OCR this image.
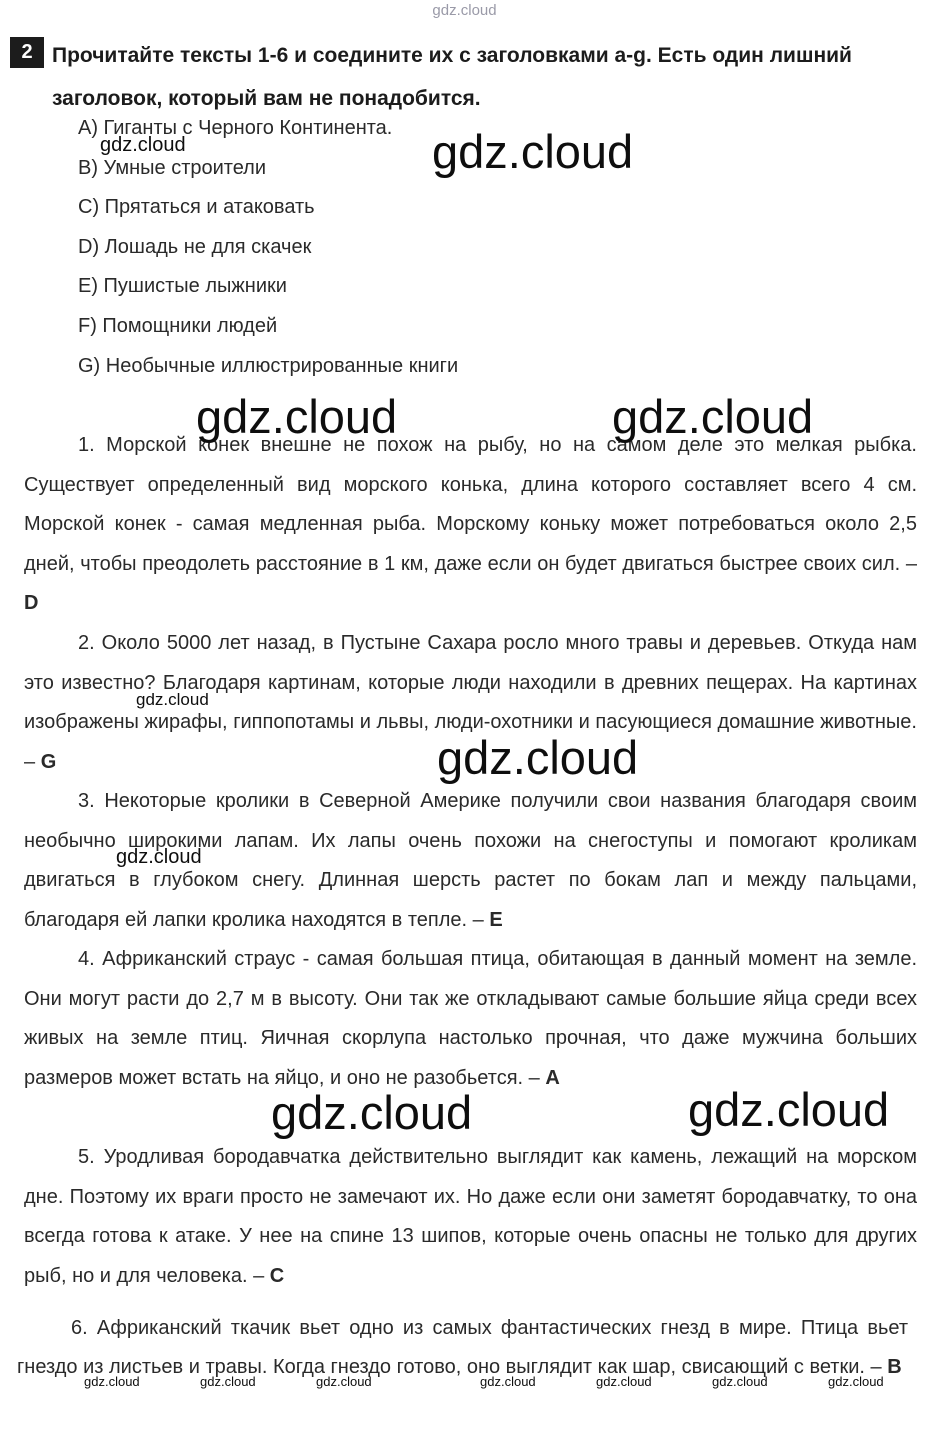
gdz.cloud
2 Прочитайте тексты 1-6 и соедините их с заголовками a-g. Есть один лишний заголовок, который вам не понадобится.
A) Гиганты с Черного Континента.
B) Умные строители
C) Прятаться и атаковать
D) Лошадь не для скачек
E) Пушистые лыжники
F) Помощники людей
G) Необычные иллюстрированные книги
1. Морской конек внешне не похож на рыбу, но на самом деле это мелкая рыбка. Существует определенный вид морского конька, длина которого составляет всего 4 см. Морской конек - самая медленная рыба. Морскому коньку может потребоваться около 2,5 дней, чтобы преодолеть расстояние в 1 км, даже если он будет двигаться быстрее своих сил. – D
2. Около 5000 лет назад, в Пустыне Сахара росло много травы и деревьев. Откуда нам это известно? Благодаря картинам, которые люди находили в древних пещерах. На картинах изображены жирафы, гиппопотамы и львы, люди-охотники и пасующиеся домашние животные. – G
3. Некоторые кролики в Северной Америке получили свои названия благодаря своим необычно широкими лапам. Их лапы очень похожи на снегоступы и помогают кроликам двигаться в глубоком снегу. Длинная шерсть растет по бокам лап и между пальцами, благодаря ей лапки кролика находятся в тепле. – E
4. Африканский страус - самая большая птица, обитающая в данный момент на земле. Они могут расти до 2,7 м в высоту. Они так же откладывают самые большие яйца среди всех живых на земле птиц. Яичная скорлупа настолько прочная, что даже мужчина больших размеров может встать на яйцо, и оно не разобьется. – A
5. Уродливая бородавчатка действительно выглядит как камень, лежащий на морском дне. Поэтому их враги просто не замечают их. Но даже если они заметят бородавчатку, то она всегда готова к атаке. У нее на спине 13 шипов, которые очень опасны не только для других рыб, но и для человека. – C
6. Африканский ткачик вьет одно из самых фантастических гнезд в мире. Птица вьет гнездо из листьев и травы. Когда гнездо готово, оно выглядит как шар, свисающий с ветки. – B
gdz.cloud
gdz.cloud
gdz.cloud	gdz.cloud
gdz.cloud
gdz.cloud
gdz.cloud
gdz.cloud	gdz.cloud
gdz.cloud	gdz.cloud	gdz.cloud	gdz.cloud	gdz.cloud	gdz.cloud	gdz.cloud
